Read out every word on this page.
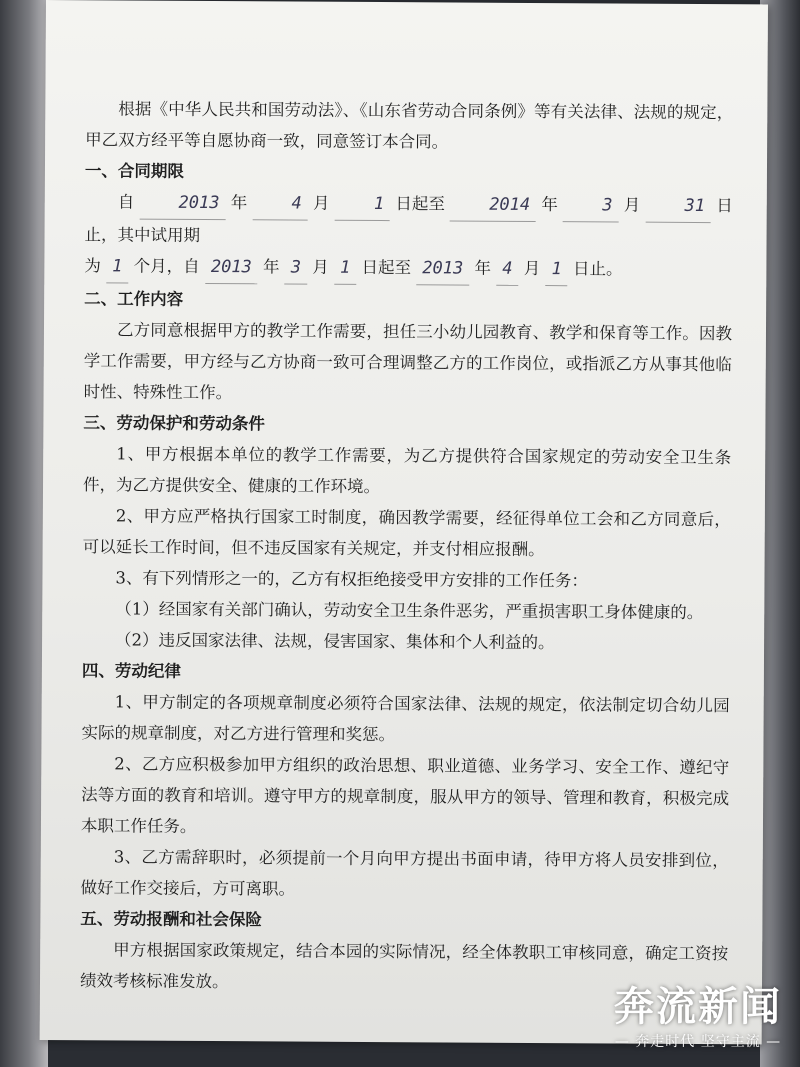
根据《中华人民共和国劳动法》、《山东省劳动合同条例》等有关法律、法规的规定，甲乙双方经平等自愿协商一致，同意签订本合同。

一、合同期限

自	2013 年	4 月	1 日起至	2014 年	3 月	31 日止，其中试用期

为 1 个月，自 2013 年 3 月 1 日起至 2013 年 4 月 1 日止。

二、工作内容

乙方同意根据甲方的教学工作需要，担任三小幼儿园教育、教学和保育等工作。因教学工作需要，甲方经与乙方协商一致可合理调整乙方的工作岗位，或指派乙方从事其他临时性、特殊性工作。

三、劳动保护和劳动条件

1、甲方根据本单位的教学工作需要，为乙方提供符合国家规定的劳动安全卫生条件，为乙方提供安全、健康的工作环境。

2、甲方应严格执行国家工时制度，确因教学需要，经征得单位工会和乙方同意后，可以延长工作时间，但不违反国家有关规定，并支付相应报酬。

3、有下列情形之一的，乙方有权拒绝接受甲方安排的工作任务：

（1）经国家有关部门确认，劳动安全卫生条件恶劣，严重损害职工身体健康的。

（2）违反国家法律、法规，侵害国家、集体和个人利益的。

四、劳动纪律

1、甲方制定的各项规章制度必须符合国家法律、法规的规定，依法制定切合幼儿园实际的规章制度，对乙方进行管理和奖惩。

2、乙方应积极参加甲方组织的政治思想、职业道德、业务学习、安全工作、遵纪守法等方面的教育和培训。遵守甲方的规章制度，服从甲方的领导、管理和教育，积极完成本职工作任务。

3、乙方需辞职时，必须提前一个月向甲方提出书面申请，待甲方将人员安排到位，做好工作交接后，方可离职。

五、劳动报酬和社会保险

甲方根据国家政策规定，结合本园的实际情况，经全体教职工审核同意，确定工资按绩效考核标准发放。

奔流新闻
— 奔走时代 坚守主流 —
